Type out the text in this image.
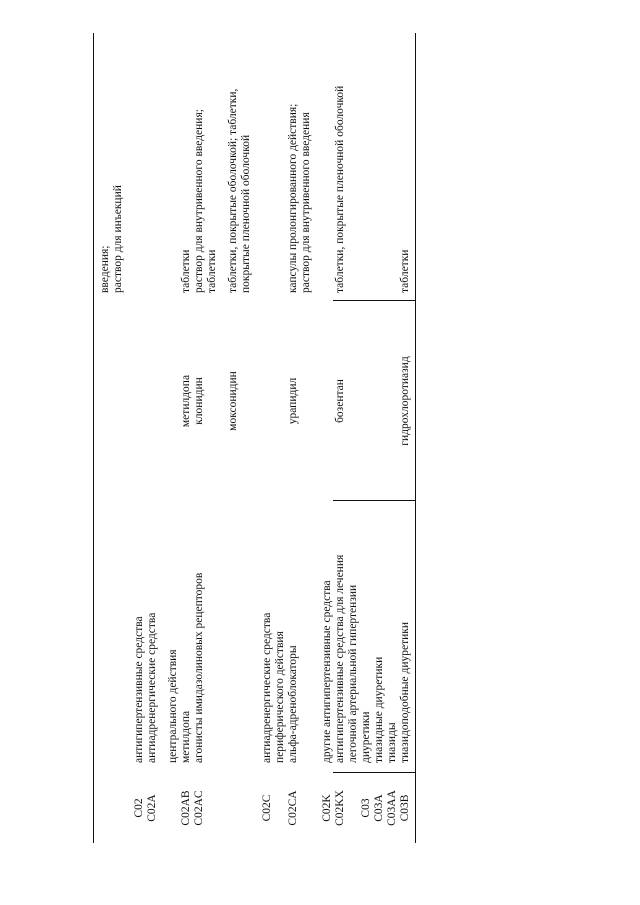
введения; раствор для инъекций
C02
антигипертензивные средства
C02A
антиадренергические средства центрального действия
C02AB
метилдопа
метилдопа
таблетки
C02AC
агонисты имидазолиновых рецепторов
клонидин
раствор для внутривенного введения; таблетки
моксонидин
таблетки, покрытые оболочкой; таблетки, покрытые пленочной оболочкой
C02C
антиадренергические средства периферического действия
C02CA
альфа-адреноблокаторы
урапидил
капсулы пролонгированного действия; раствор для внутривенного введения
C02K
другие антигипертензивные средства
C02KX
антигипертензивные средства для лечения
бозентан
таблетки, покрытые пленочной оболочкой
легочной артериальной гипертензии
C03
диуретики
C03A
тиазидные диуретики
C03AA
тиазиды
C03B
тиазидоподобные диуретики
гидрохлоротиазид
таблетки
